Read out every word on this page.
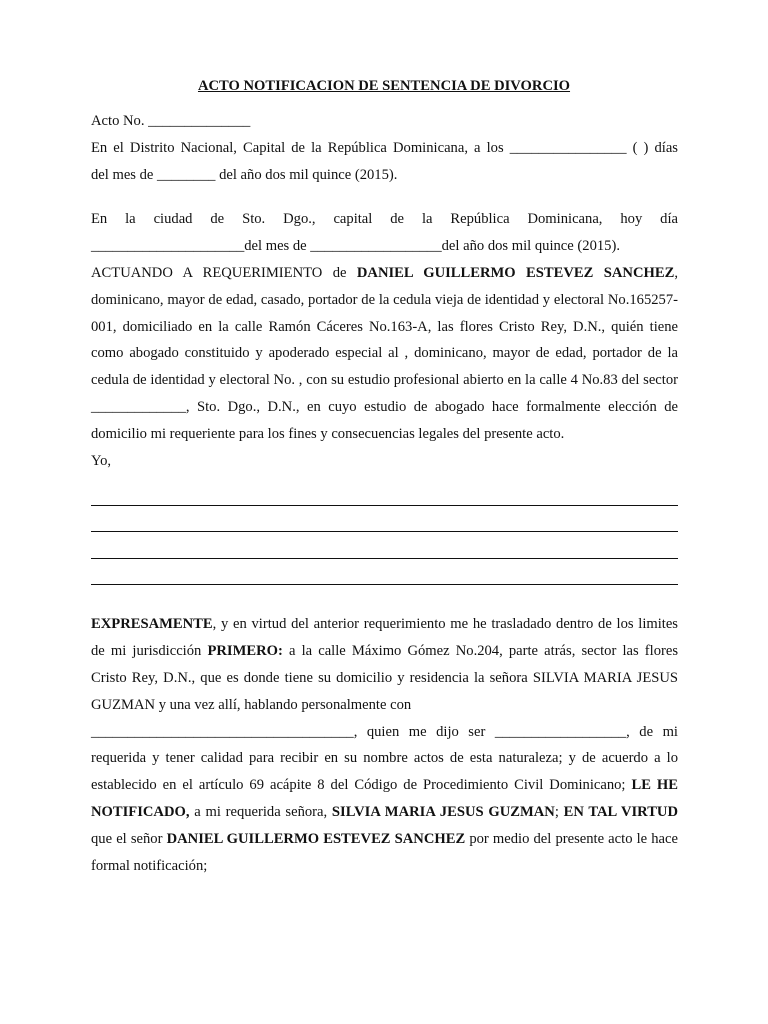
ACTO NOTIFICACION DE SENTENCIA DE DIVORCIO

Acto No. ______________

En el Distrito Nacional, Capital de la República Dominicana, a los ________________ ( ) días

del mes de ________ del año dos mil quince (2015).

En la ciudad de Sto. Dgo., capital de la República Dominicana, hoy día

_____________________del mes de __________________del año dos mil quince (2015).

ACTUANDO A REQUERIMIENTO de DANIEL GUILLERMO ESTEVEZ SANCHEZ, dominicano, mayor de edad, casado, portador de la cedula vieja de identidad y electoral No.165257-001, domiciliado en la calle Ramón Cáceres No.163-A, las flores Cristo Rey, D.N., quién tiene como abogado constituido y apoderado especial al , dominicano, mayor de edad, portador de la cedula de identidad y electoral No. , con su estudio profesional abierto en la calle 4 No.83 del sector _____________, Sto. Dgo., D.N., en cuyo estudio de abogado hace formalmente elección de domicilio mi requeriente para los fines y consecuencias legales del presente acto.

Yo,

EXPRESAMENTE, y en virtud del anterior requerimiento me he trasladado dentro de los limites de mi jurisdicción PRIMERO: a la calle Máximo Gómez No.204, parte atrás, sector las flores Cristo Rey, D.N., que es donde tiene su domicilio y residencia la señora SILVIA MARIA JESUS GUZMAN y una vez allí, hablando personalmente con

____________________________________, quien me dijo ser __________________, de mi

requerida y tener calidad para recibir en su nombre actos de esta naturaleza; y de acuerdo a lo establecido en el artículo 69 acápite 8 del Código de Procedimiento Civil Dominicano; LE HE NOTIFICADO, a mi requerida señora, SILVIA MARIA JESUS GUZMAN; EN TAL VIRTUD que el señor DANIEL GUILLERMO ESTEVEZ SANCHEZ por medio del presente acto le hace formal notificación;
